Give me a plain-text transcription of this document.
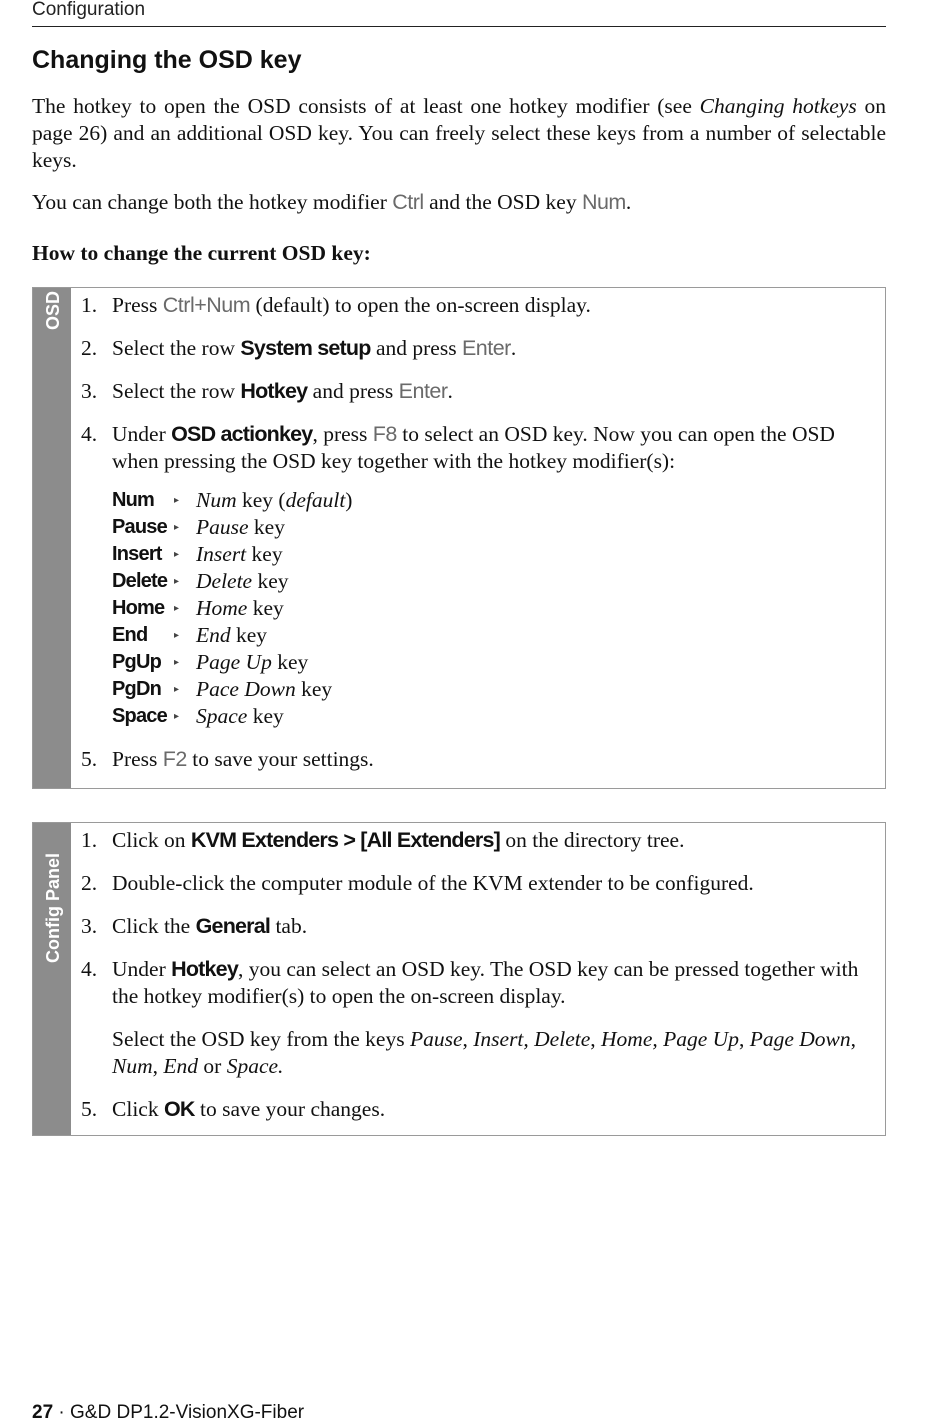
Configuration
Changing the OSD key

The hotkey to open the OSD consists of at least one hotkey modifier (see Changing hotkeys on page 26) and an additional OSD key. You can freely select these keys from a number of selectable keys.

You can change both the hotkey modifier Ctrl and the OSD key Num.

How to change the current OSD key:

OSD 1. Press Ctrl+Num (default) to open the on-screen display.
2. Select the row System setup and press Enter.
3. Select the row Hotkey and press Enter.
4. Under OSD actionkey, press F8 to select an OSD key. Now you can open the OSD when pressing the OSD key together with the hotkey modifier(s):
Num	▸ Num key (default)
Pause ▸ Pause key
Insert	▸ Insert key
Delete ▸ Delete key
Home ▸ Home key
End	▸ End key
PgUp	▸ Page Up key
PgDn	▸ Pace Down key
Space ▸ Space key
5. Press F2 to save your settings.
Config Panel
1. Click on KVM Extenders > [All Extenders] on the directory tree.
2. Double-click the computer module of the KVM extender to be configured.
3. Click the General tab.
4. Under Hotkey, you can select an OSD key. The OSD key can be pressed together with the hotkey modifier(s) to open the on-screen display.
Select the OSD key from the keys Pause, Insert, Delete, Home, Page Up, Page Down, Num, End or Space.
5. Click OK to save your changes.
27 · G&D DP1.2-VisionXG-Fiber
